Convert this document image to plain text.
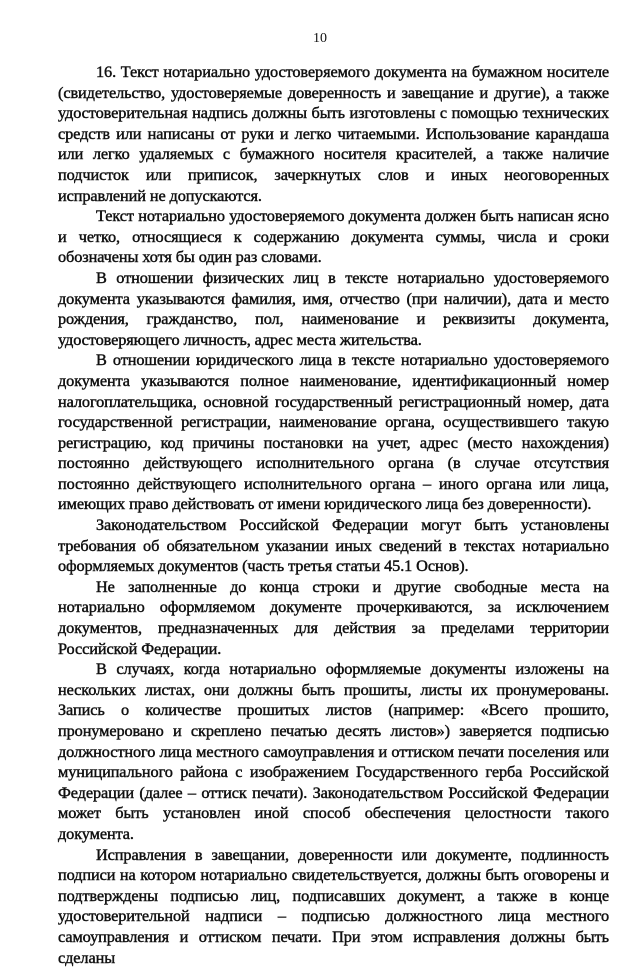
10

16. Текст нотариально удостоверяемого документа на бумажном носителе (свидетельство, удостоверяемые доверенность и завещание и другие), а также удостоверительная надпись должны быть изготовлены с помощью технических средств или написаны от руки и легко читаемыми. Использование карандаша или легко удаляемых с бумажного носителя красителей, а также наличие подчисток или приписок, зачеркнутых слов и иных неоговоренных исправлений не допускаются.

Текст нотариально удостоверяемого документа должен быть написан ясно и четко, относящиеся к содержанию документа суммы, числа и сроки обозначены хотя бы один раз словами.

В отношении физических лиц в тексте нотариально удостоверяемого документа указываются фамилия, имя, отчество (при наличии), дата и место рождения, гражданство, пол, наименование и реквизиты документа, удостоверяющего личность, адрес места жительства.

В отношении юридического лица в тексте нотариально удостоверяемого документа указываются полное наименование, идентификационный номер налогоплательщика, основной государственный регистрационный номер, дата государственной регистрации, наименование органа, осуществившего такую регистрацию, код причины постановки на учет, адрес (место нахождения) постоянно действующего исполнительного органа (в случае отсутствия постоянно действующего исполнительного органа – иного органа или лица, имеющих право действовать от имени юридического лица без доверенности).

Законодательством Российской Федерации могут быть установлены требования об обязательном указании иных сведений в текстах нотариально оформляемых документов (часть третья статьи 45.1 Основ).

Не заполненные до конца строки и другие свободные места на нотариально оформляемом документе прочеркиваются, за исключением документов, предназначенных для действия за пределами территории Российской Федерации.

В случаях, когда нотариально оформляемые документы изложены на нескольких листах, они должны быть прошиты, листы их пронумерованы. Запись о количестве прошитых листов (например: «Всего прошито, пронумеровано и скреплено печатью десять листов») заверяется подписью должностного лица местного самоуправления и оттиском печати поселения или муниципального района с изображением Государственного герба Российской Федерации (далее – оттиск печати). Законодательством Российской Федерации может быть установлен иной способ обеспечения целостности такого документа.

Исправления в завещании, доверенности или документе, подлинность подписи на котором нотариально свидетельствуется, должны быть оговорены и подтверждены подписью лиц, подписавших документ, а также в конце удостоверительной надписи – подписью должностного лица местного самоуправления и оттиском печати. При этом исправления должны быть сделаны
